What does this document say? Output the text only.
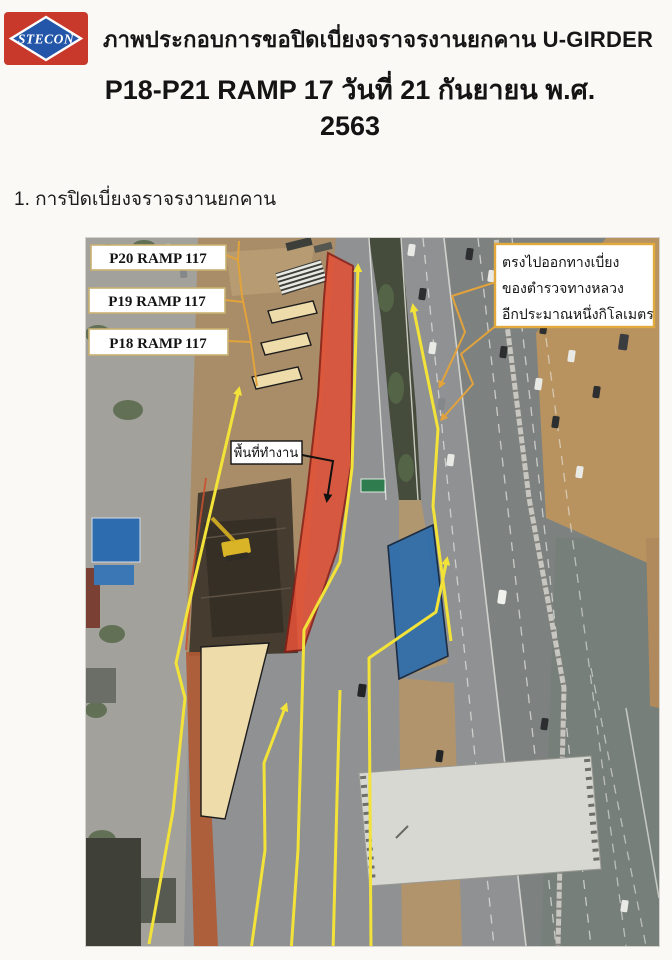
STECON	ภาพประกอบการขอปิดเบี่ยงจราจรงานยกคาน U-GIRDER
P18-P21 RAMP 17 วันที่ 21 กันยายน พ.ศ. 2563
1. การปิดเบี่ยงจราจรงานยกคาน
P20 RAMP 117
P19 RAMP 117
P18 RAMP 117
ตรงไปออกทางเบี่ยง
ของตำรวจทางหลวง
อีกประมาณหนึ่งกิโลเมตร
พื้นที่ทำงาน
